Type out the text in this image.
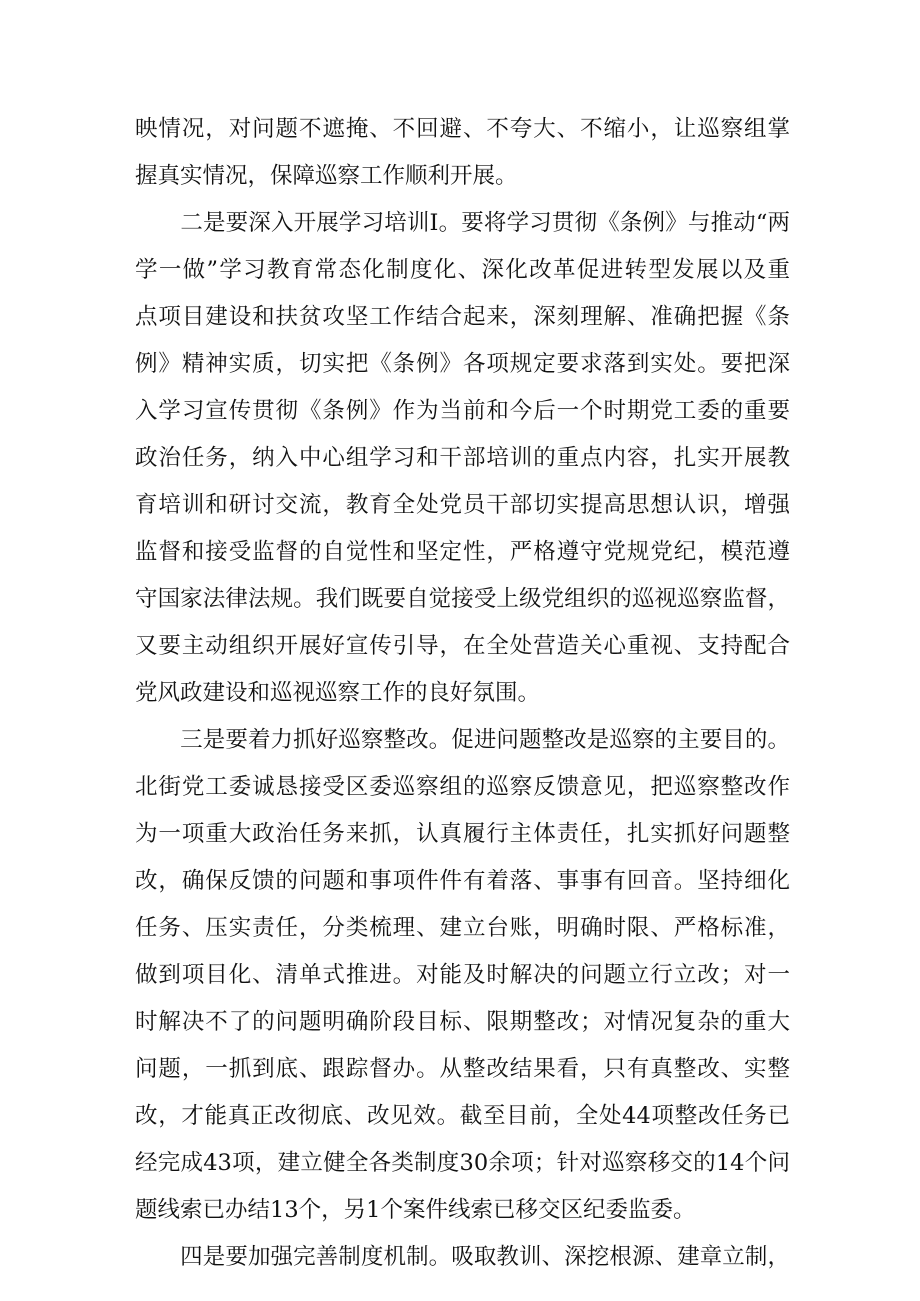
映情况，对问题不遮掩、不回避、不夸大、不缩小，让巡察组掌
握真实情况，保障巡察工作顺利开展。
　　二是要深入开展学习培训Ⅰ。要将学习贯彻《条例》与推动“两
学一做”学习教育常态化制度化、深化改革促进转型发展以及重
点项目建设和扶贫攻坚工作结合起来，深刻理解、准确把握《条
例》精神实质，切实把《条例》各项规定要求落到实处。要把深
入学习宣传贯彻《条例》作为当前和今后一个时期党工委的重要
政治任务，纳入中心组学习和干部培训的重点内容，扎实开展教
育培训和研讨交流，教育全处党员干部切实提高思想认识，增强
监督和接受监督的自觉性和坚定性，严格遵守党规党纪，模范遵
守国家法律法规。我们既要自觉接受上级党组织的巡视巡察监督，
又要主动组织开展好宣传引导，在全处营造关心重视、支持配合
党风政建设和巡视巡察工作的良好氛围。
　　三是要着力抓好巡察整改。促进问题整改是巡察的主要目的。
北街党工委诚恳接受区委巡察组的巡察反馈意见，把巡察整改作
为一项重大政治任务来抓，认真履行主体责任，扎实抓好问题整
改，确保反馈的问题和事项件件有着落、事事有回音。坚持细化
任务、压实责任，分类梳理、建立台账，明确时限、严格标准，
做到项目化、清单式推进。对能及时解决的问题立行立改；对一
时解决不了的问题明确阶段目标、限期整改；对情况复杂的重大
问题，一抓到底、跟踪督办。从整改结果看，只有真整改、实整
改，才能真正改彻底、改见效。截至目前，全处44项整改任务已
经完成43项，建立健全各类制度30余项；针对巡察移交的14个问
题线索已办结13个，另1个案件线索已移交区纪委监委。
　　四是要加强完善制度机制。吸取教训、深挖根源、建章立制，
